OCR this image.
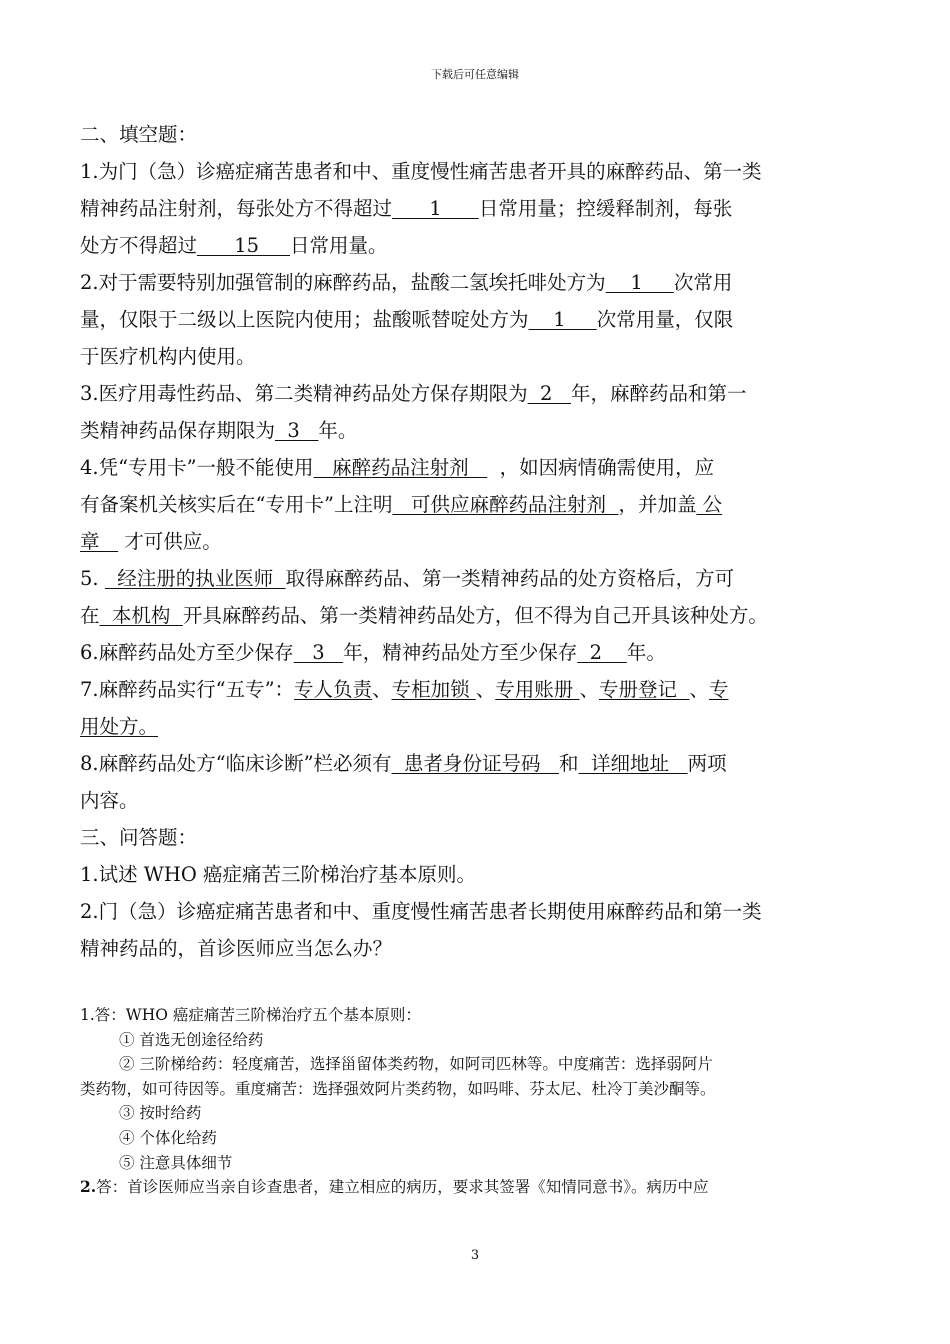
下载后可任意编辑

二、填空题：

1.为门（急）诊癌症痛苦患者和中、重度慢性痛苦患者开具的麻醉药品、第一类

精神药品注射剂，每张处方不得超过      1      日常用量；控缓释制剂，每张

处方不得超过      15     日常用量。

2.对于需要特别加强管制的麻醉药品，盐酸二氢埃托啡处方为    1     次常用

量，仅限于二级以上医院内使用；盐酸哌替啶处方为    1     次常用量，仅限

于医疗机构内使用。

3.医疗用毒性药品、第二类精神药品处方保存期限为  2   年，麻醉药品和第一

类精神药品保存期限为  3   年。

4.凭“专用卡”一般不能使用   麻醉药品注射剂     ，如因病情确需使用，应

有备案机关核实后在“专用卡”上注明   可供应麻醉药品注射剂  ，并加盖 公

章    才可供应。

5.   经注册的执业医师  取得麻醉药品、第一类精神药品的处方资格后，方可

在  本机构  开具麻醉药品、第一类精神药品处方，但不得为自己开具该种处方。

6.麻醉药品处方至少保存   3   年，精神药品处方至少保存  2    年。

7.麻醉药品实行“五专”：专人负责、专柜加锁 、专用账册 、专册登记  、专

用处方。

8.麻醉药品处方“临床诊断”栏必须有  患者身份证号码   和  详细地址   两项

内容。

三、问答题：

1.试述 WHO 癌症痛苦三阶梯治疗基本原则。

2.门（急）诊癌症痛苦患者和中、重度慢性痛苦患者长期使用麻醉药品和第一类

精神药品的，首诊医师应当怎么办？

1.答：WHO 癌症痛苦三阶梯治疗五个基本原则：

① 首选无创途径给药

② 三阶梯给药：轻度痛苦，选择甾留体类药物，如阿司匹林等。中度痛苦：选择弱阿片

类药物，如可待因等。重度痛苦：选择强效阿片类药物，如吗啡、芬太尼、杜冷丁美沙酮等。

③ 按时给药

④ 个体化给药

⑤ 注意具体细节

2.答：首诊医师应当亲自诊查患者，建立相应的病历，要求其签署《知情同意书》。病历中应

3
